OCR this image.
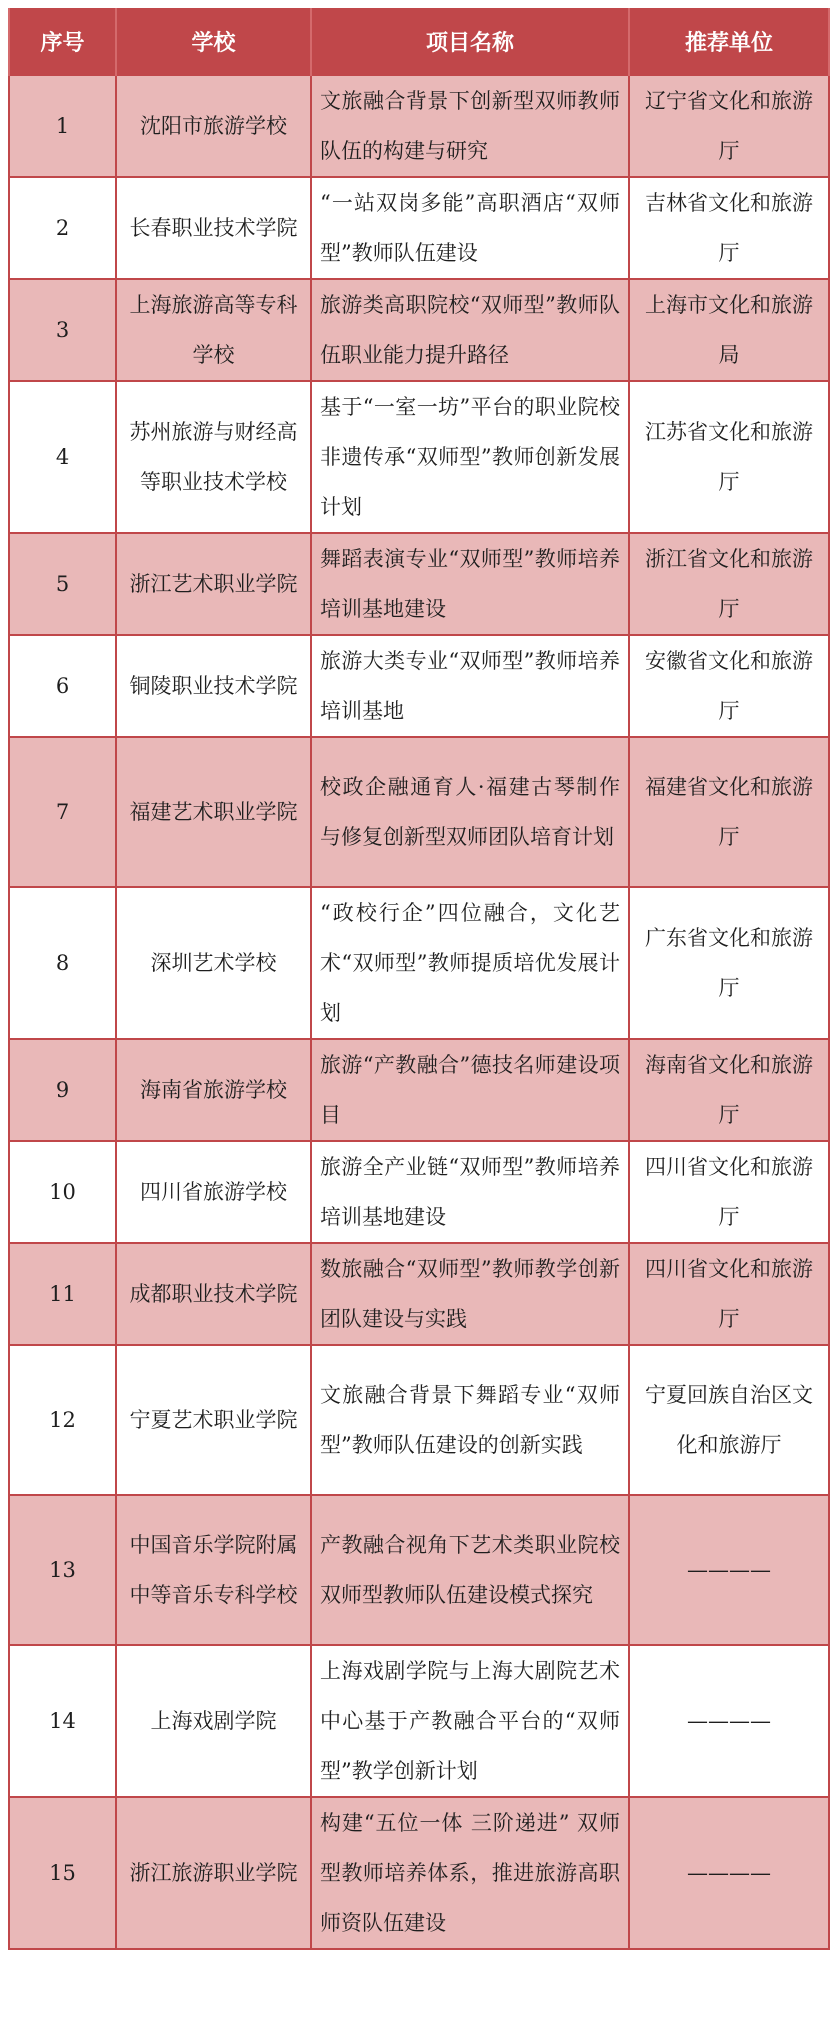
序号	学校	项目名称	推荐单位
1	沈阳市旅游学校	文旅融合背景下创新型双师教师队伍的构建与研究	辽宁省文化和旅游厅
2	长春职业技术学院	“一站双岗多能”高职酒店“双师型”教师队伍建设	吉林省文化和旅游厅
3	上海旅游高等专科学校	旅游类高职院校“双师型”教师队伍职业能力提升路径	上海市文化和旅游局
4	苏州旅游与财经高等职业技术学校	基于“一室一坊”平台的职业院校非遗传承“双师型”教师创新发展计划	江苏省文化和旅游厅
5	浙江艺术职业学院	舞蹈表演专业“双师型”教师培养培训基地建设	浙江省文化和旅游厅
6	铜陵职业技术学院	旅游大类专业“双师型”教师培养培训基地	安徽省文化和旅游厅
7	福建艺术职业学院	校政企融通育人·福建古琴制作与修复创新型双师团队培育计划	福建省文化和旅游厅
8	深圳艺术学校	“政校行企”四位融合，文化艺术“双师型”教师提质培优发展计划	广东省文化和旅游厅
9	海南省旅游学校	旅游“产教融合”德技名师建设项目	海南省文化和旅游厅
10	四川省旅游学校	旅游全产业链“双师型”教师培养培训基地建设	四川省文化和旅游厅
11	成都职业技术学院	数旅融合“双师型”教师教学创新团队建设与实践	四川省文化和旅游厅
12	宁夏艺术职业学院	文旅融合背景下舞蹈专业“双师型”教师队伍建设的创新实践	宁夏回族自治区文化和旅游厅
13	中国音乐学院附属中等音乐专科学校	产教融合视角下艺术类职业院校双师型教师队伍建设模式探究	————
14	上海戏剧学院	上海戏剧学院与上海大剧院艺术中心基于产教融合平台的“双师型”教学创新计划	————
15	浙江旅游职业学院	构建“五位一体 三阶递进” 双师型教师培养体系，推进旅游高职师资队伍建设	————
